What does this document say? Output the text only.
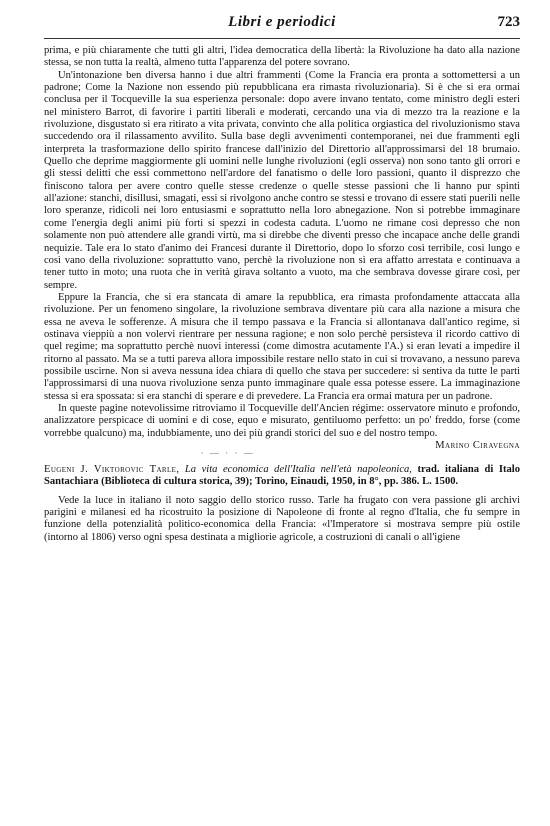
Libri e periodici	723

prima, e più chiaramente che tutti gli altri, l'idea democratica della libertà: la Rivoluzione ha dato alla nazione stessa, se non tutta la realtà, almeno tutta l'apparenza del potere sovrano.

Un'intonazione ben diversa hanno i due altri frammenti (Come la Francia era pronta a sottomettersi a un padrone; Come la Nazione non essendo più repubblicana era rimasta rivoluzionaria). Si è che si era ormai conclusa per il Tocqueville la sua esperienza personale: dopo avere invano tentato, come ministro degli esteri nel ministero Barrot, di favorire i partiti liberali e moderati, cercando una via di mezzo tra la reazione e la rivoluzione, disgustato si era ritirato a vita privata, convinto che alla politica orgiastica del rivoluzionismo stava succedendo ora il rilassamento avvilito. Sulla base degli avvenimenti contemporanei, nei due frammenti egli interpreta la trasformazione dello spirito francese dall'inizio del Direttorio all'approssimarsi del 18 brumaio. Quello che deprime maggiormente gli uomini nelle lunghe rivoluzioni (egli osserva) non sono tanto gli orrori e gli stessi delitti che essi commettono nell'ardore del fanatismo o delle loro passioni, quanto il disprezzo che finiscono talora per avere contro quelle stesse credenze o quelle stesse passioni che li hanno pur spinti all'azione: stanchi, disillusi, smagati, essi si rivolgono anche contro se stessi e trovano di essere stati puerili nelle loro speranze, ridicoli nei loro entusiasmi e soprattutto nella loro abnegazione. Non si potrebbe immaginare come l'energia degli animi più forti si spezzi in codesta caduta. L'uomo ne rimane così depresso che non solamente non può attendere alle grandi virtù, ma si direbbe che diventi presso che incapace anche delle grandi nequizie. Tale era lo stato d'animo dei Francesi durante il Direttorio, dopo lo sforzo così terribile, così lungo e così vano della rivoluzione: soprattutto vano, perchè la rivoluzione non si era affatto arrestata e continuava a tener tutto in moto; una ruota che in verità girava soltanto a vuoto, ma che sembrava dovesse girare così, per sempre.

Eppure la Francia, che si era stancata di amare la repubblica, era rimasta profondamente attaccata alla rivoluzione. Per un fenomeno singolare, la rivoluzione sembrava diventare più cara alla nazione a misura che essa ne aveva le sofferenze. A misura che il tempo passava e la Francia si allontanava dall'antico regime, si ostinava vieppiù a non volervi rientrare per nessuna ragione; e non solo perchè persisteva il ricordo cattivo di quel regime; ma soprattutto perchè nuovi interessi (come dimostra acutamente l'A.) si eran levati a impedire il ritorno al passato. Ma se a tutti pareva allora impossibile restare nello stato in cui si trovavano, a nessuno pareva possibile uscirne. Non si aveva nessuna idea chiara di quello che stava per succedere: si sentiva da tutte le parti l'approssimarsi di una nuova rivoluzione senza punto immaginare quale essa potesse essere. La immaginazione stessa si era spossata: si era stanchi di sperare e di prevedere. La Francia era ormai matura per un padrone.

In queste pagine notevolissime ritroviamo il Tocqueville dell'Ancien régime: osservatore minuto e profondo, analizzatore perspicace di uomini e di cose, equo e misurato, gentiluomo perfetto: un po' freddo, forse (come vorrebbe qualcuno) ma, indubbiamente, uno dei più grandi storici del suo e del nostro tempo.
Marino Ciravegna

· — · · —

Eugeni J. Viktorovic Tarle, La vita economica dell'Italia nell'età napoleonica, trad. italiana di Italo Santachiara (Biblioteca di cultura storica, 39); Torino, Einaudi, 1950, in 8°, pp. 386. L. 1500.

Vede la luce in italiano il noto saggio dello storico russo. Tarle ha frugato con vera passione gli archivi parigini e milanesi ed ha ricostruito la posizione di Napoleone di fronte al regno d'Italia, che fu sempre in funzione della potenzialità politico-economica della Francia: «l'Imperatore si mostrava sempre più ostile (intorno al 1806) verso ogni spesa destinata a migliorie agricole, a costruzioni di canali o all'igiene
